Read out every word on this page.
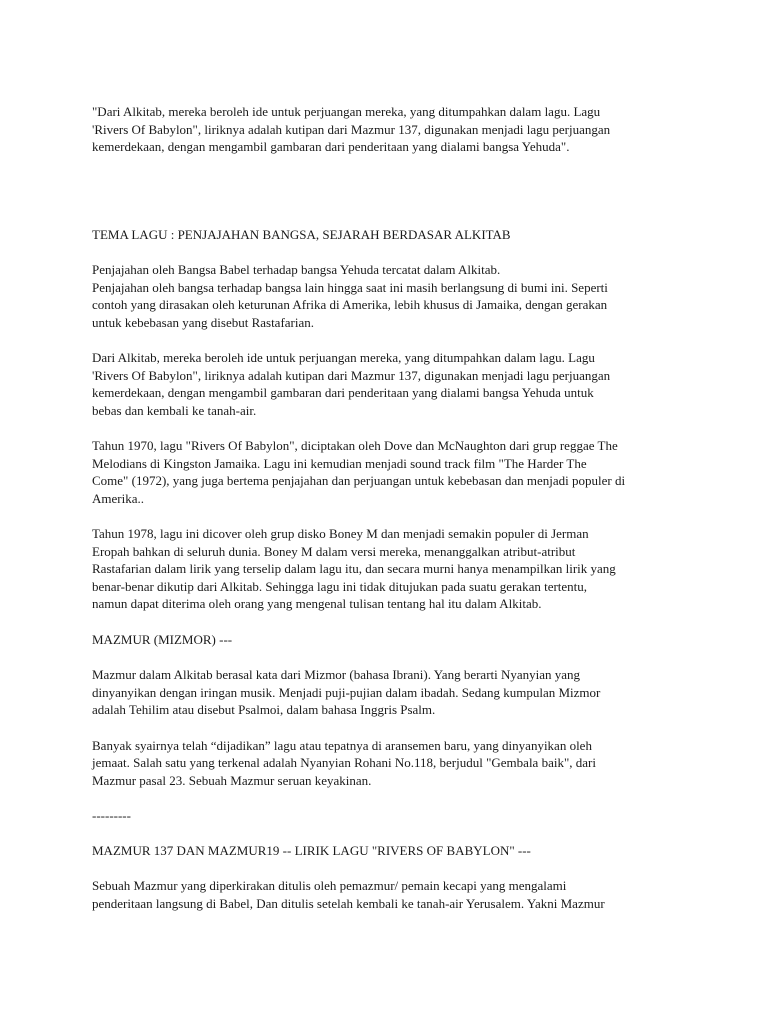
"Dari Alkitab, mereka beroleh ide untuk perjuangan mereka, yang ditumpahkan dalam lagu. Lagu
'Rivers Of Babylon", liriknya adalah kutipan dari Mazmur 137, digunakan menjadi lagu perjuangan
kemerdekaan, dengan mengambil gambaran dari penderitaan yang dialami bangsa Yehuda".

TEMA LAGU : PENJAJAHAN BANGSA, SEJARAH BERDASAR ALKITAB

Penjajahan oleh Bangsa Babel terhadap bangsa Yehuda tercatat dalam Alkitab.
Penjajahan oleh bangsa terhadap bangsa lain hingga saat ini masih berlangsung di bumi ini. Seperti
contoh yang dirasakan oleh keturunan Afrika di Amerika, lebih khusus di Jamaika, dengan gerakan
untuk kebebasan yang disebut Rastafarian.

Dari Alkitab, mereka beroleh ide untuk perjuangan mereka, yang ditumpahkan dalam lagu. Lagu
'Rivers Of Babylon", liriknya adalah kutipan dari Mazmur 137, digunakan menjadi lagu perjuangan
kemerdekaan, dengan mengambil gambaran dari penderitaan yang dialami bangsa Yehuda untuk
bebas dan kembali ke tanah-air.

Tahun 1970, lagu "Rivers Of Babylon", diciptakan oleh Dove dan McNaughton dari grup reggae The
Melodians di Kingston Jamaika. Lagu ini kemudian menjadi sound track film "The Harder The
Come" (1972), yang juga bertema penjajahan dan perjuangan untuk kebebasan dan menjadi populer di
Amerika..

Tahun 1978, lagu ini dicover oleh grup disko Boney M dan menjadi semakin populer di Jerman
Eropah bahkan di seluruh dunia. Boney M dalam versi mereka, menanggalkan atribut-atribut
Rastafarian dalam lirik yang terselip dalam lagu itu, dan secara murni hanya menampilkan lirik yang
benar-benar dikutip dari Alkitab. Sehingga lagu ini tidak ditujukan pada suatu gerakan tertentu,
namun dapat diterima oleh orang yang mengenal tulisan tentang hal itu dalam Alkitab.

MAZMUR (MIZMOR) ---

Mazmur dalam Alkitab berasal kata dari Mizmor (bahasa Ibrani). Yang berarti Nyanyian yang
dinyanyikan dengan iringan musik. Menjadi puji-pujian dalam ibadah. Sedang kumpulan Mizmor
adalah Tehilim atau disebut Psalmoi, dalam bahasa Inggris Psalm.

Banyak syairnya telah “dijadikan” lagu atau tepatnya di aransemen baru, yang dinyanyikan oleh
jemaat. Salah satu yang terkenal adalah Nyanyian Rohani No.118, berjudul "Gembala baik", dari
Mazmur pasal 23. Sebuah Mazmur seruan keyakinan.

---------

MAZMUR 137 DAN MAZMUR19 -- LIRIK LAGU "RIVERS OF BABYLON" ---

Sebuah Mazmur yang diperkirakan ditulis oleh pemazmur/ pemain kecapi yang mengalami
penderitaan langsung di Babel, Dan ditulis setelah kembali ke tanah-air Yerusalem. Yakni Mazmur
